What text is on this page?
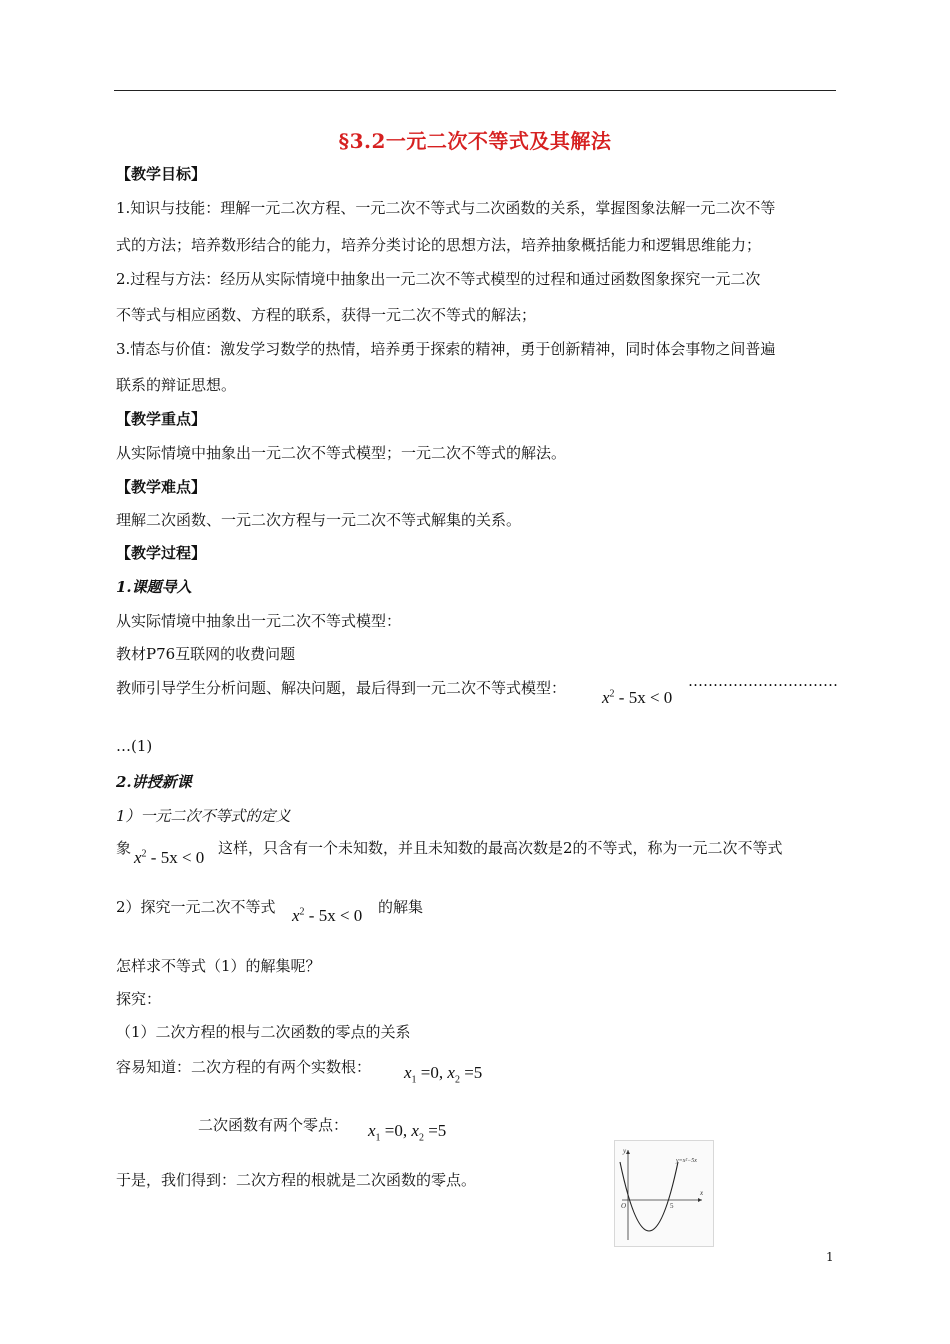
§3.2一元二次不等式及其解法
【教学目标】
1.知识与技能：理解一元二次方程、一元二次不等式与二次函数的关系，掌握图象法解一元二次不等
式的方法；培养数形结合的能力，培养分类讨论的思想方法，培养抽象概括能力和逻辑思维能力；
2.过程与方法：经历从实际情境中抽象出一元二次不等式模型的过程和通过函数图象探究一元二次
不等式与相应函数、方程的联系，获得一元二次不等式的解法；
3.情态与价值：激发学习数学的热情，培养勇于探索的精神，勇于创新精神，同时体会事物之间普遍
联系的辩证思想。
【教学重点】
从实际情境中抽象出一元二次不等式模型；一元二次不等式的解法。
【教学难点】
理解二次函数、一元二次方程与一元二次不等式解集的关系。
【教学过程】
1.课题导入
从实际情境中抽象出一元二次不等式模型：
教材P76互联网的收费问题
教师引导学生分析问题、解决问题，最后得到一元二次不等式模型： $x^2 - 5x < 0$
…………………………
…(1)
2.讲授新课
1）一元二次不等式的定义
象 $x^2 - 5x < 0$ 这样，只含有一个未知数，并且未知数的最高次数是2的不等式，称为一元二次不等式
2）探究一元二次不等式 $x^2 - 5x < 0$ 的解集
怎样求不等式（1）的解集呢？
探究：
（1）二次方程的根与二次函数的零点的关系
容易知道：二次方程的有两个实数根： $x_1 =0$, $x_2 =5$
二次函数有两个零点： $x_1 =0$, $x_2 =5$
于是，我们得到：二次方程的根就是二次函数的零点。
y
x
O	5
y=x²−5x
1
